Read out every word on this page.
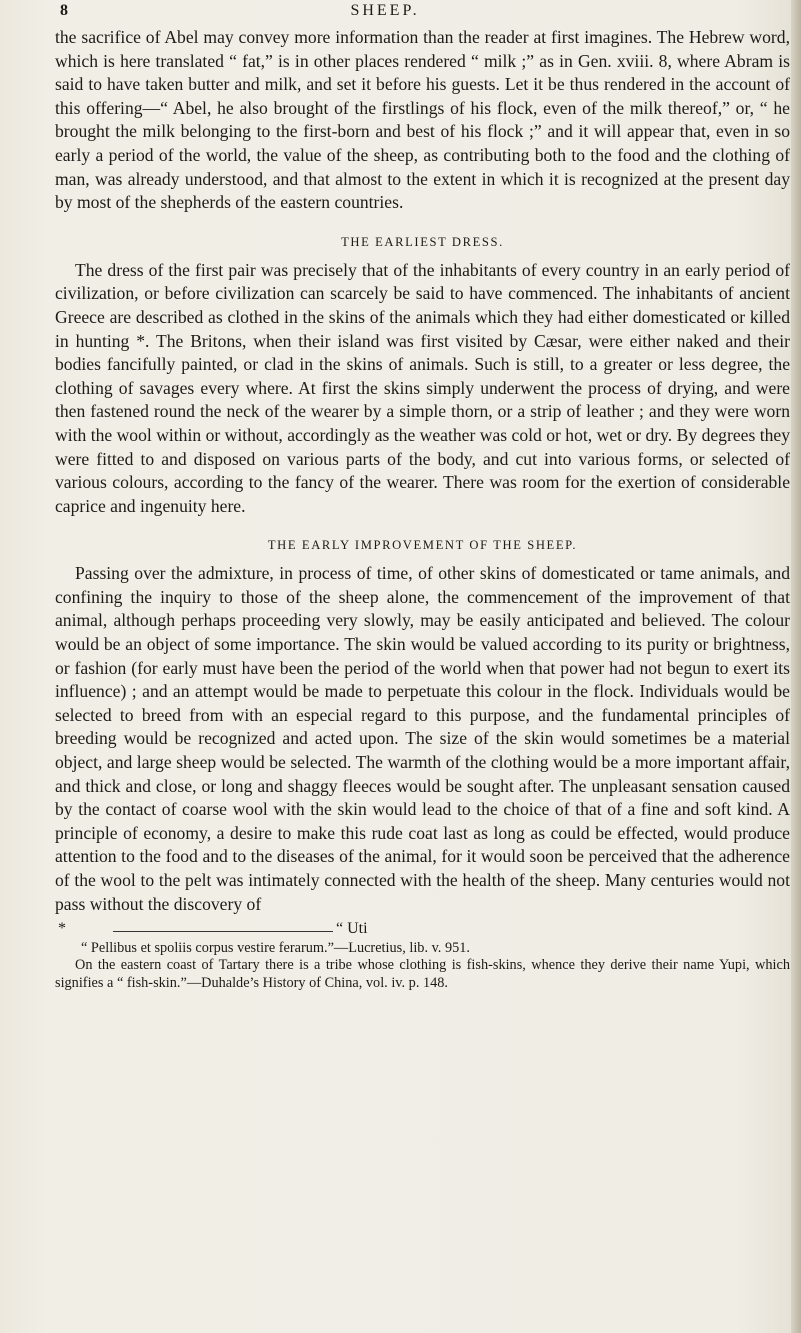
8	SHEEP.

the sacrifice of Abel may convey more information than the reader at first imagines. The Hebrew word, which is here translated “ fat,” is in other places rendered “ milk ;” as in Gen. xviii. 8, where Abram is said to have taken butter and milk, and set it before his guests. Let it be thus rendered in the account of this offering—“ Abel, he also brought of the firstlings of his flock, even of the milk thereof,” or, “ he brought the milk belonging to the first-born and best of his flock ;” and it will appear that, even in so early a period of the world, the value of the sheep, as contributing both to the food and the clothing of man, was already understood, and that almost to the extent in which it is recognized at the present day by most of the shepherds of the eastern countries.

THE EARLIEST DRESS.

The dress of the first pair was precisely that of the inhabitants of every country in an early period of civilization, or before civilization can scarcely be said to have commenced. The inhabitants of ancient Greece are described as clothed in the skins of the animals which they had either domesticated or killed in hunting *. The Britons, when their island was first visited by Cæsar, were either naked and their bodies fancifully painted, or clad in the skins of animals. Such is still, to a greater or less degree, the clothing of savages every where. At first the skins simply underwent the process of drying, and were then fastened round the neck of the wearer by a simple thorn, or a strip of leather ; and they were worn with the wool within or without, accordingly as the weather was cold or hot, wet or dry. By degrees they were fitted to and disposed on various parts of the body, and cut into various forms, or selected of various colours, according to the fancy of the wearer. There was room for the exertion of considerable caprice and ingenuity here.

THE EARLY IMPROVEMENT OF THE SHEEP.

Passing over the admixture, in process of time, of other skins of domesticated or tame animals, and confining the inquiry to those of the sheep alone, the commencement of the improvement of that animal, although perhaps proceeding very slowly, may be easily anticipated and believed. The colour would be an object of some importance. The skin would be valued according to its purity or brightness, or fashion (for early must have been the period of the world when that power had not begun to exert its influence) ; and an attempt would be made to perpetuate this colour in the flock. Individuals would be selected to breed from with an especial regard to this purpose, and the fundamental principles of breeding would be recognized and acted upon. The size of the skin would sometimes be a material object, and large sheep would be selected. The warmth of the clothing would be a more important affair, and thick and close, or long and shaggy fleeces would be sought after. The unpleasant sensation caused by the contact of coarse wool with the skin would lead to the choice of that of a fine and soft kind. A principle of economy, a desire to make this rude coat last as long as could be effected, would produce attention to the food and to the diseases of the animal, for it would soon be perceived that the adherence of the wool to the pelt was intimately connected with the health of the sheep. Many centuries would not pass without the discovery of

*	“ Uti

“ Pellibus et spoliis corpus vestire ferarum.”—Lucretius, lib. v. 951.

On the eastern coast of Tartary there is a tribe whose clothing is fish-skins, whence they derive their name Yupi, which signifies a “ fish-skin.”—Duhalde’s History of China, vol. iv. p. 148.
